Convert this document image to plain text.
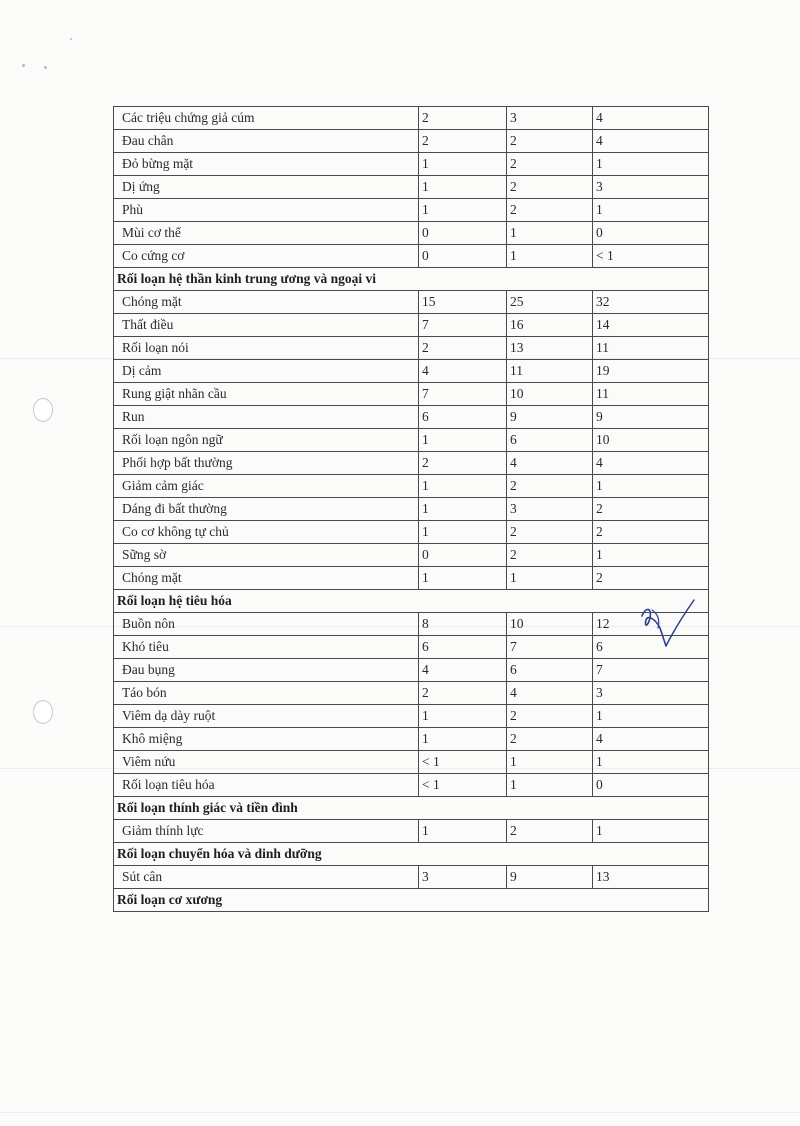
Các triệu chứng giả cúm	2	3	4
Đau chân	2	2	4
Đỏ bừng mặt	1	2	1
Dị ứng	1	2	3
Phù	1	2	1
Mùi cơ thể	0	1	0
Co cứng cơ	0	1	< 1
Rối loạn hệ thần kinh trung ương và ngoại vi			
Chóng mặt	15	25	32
Thất điều	7	16	14
Rối loạn nói	2	13	11
Dị cảm	4	11	19
Rung giật nhãn cầu	7	10	11
Run	6	9	9
Rối loạn ngôn ngữ	1	6	10
Phối hợp bất thường	2	4	4
Giảm cảm giác	1	2	1
Dáng đi bất thường	1	3	2
Co cơ không tự chủ	1	2	2
Sững sờ	0	2	1
Chóng mặt	1	1	2
Rối loạn hệ tiêu hóa			
Buồn nôn	8	10	12
Khó tiêu	6	7	6
Đau bụng	4	6	7
Táo bón	2	4	3
Viêm dạ dày ruột	1	2	1
Khô miệng	1	2	4
Viêm nứu	< 1	1	1
Rối loạn tiêu hóa	< 1	1	0
Rối loạn thính giác và tiền đình			
Giảm thính lực	1	2	1
Rối loạn chuyển hóa và dinh dưỡng			
Sút cân	3	9	13
Rối loạn cơ xương			
